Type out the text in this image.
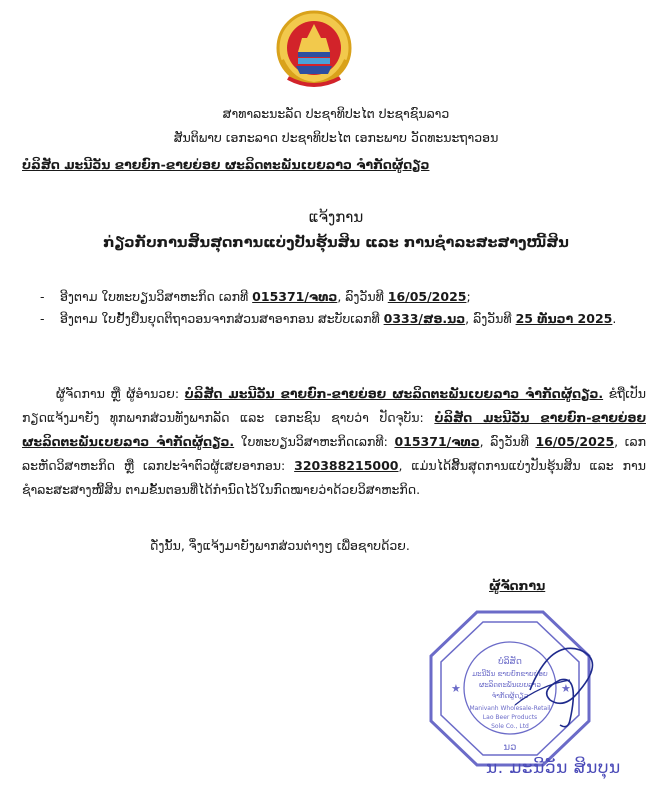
ສາທາລະນະລັດ ປະຊາທິປະໄຕ ປະຊາຊົນລາວ
ສັນຕິພາບ ເອກະລາດ ປະຊາທິປະໄຕ ເອກະພາບ ວັດທະນະຖາວອນ
ບໍລິສັດ ມະນີວັນ ຂາຍຍົກ-ຂາຍຍ່ອຍ ຜະລິດຕະພັນເບຍລາວ ຈຳກັດຜູ້ດຽວ
ແຈ້ງການ
ກ່ຽວກັບການສິ້ນສຸດການແບ່ງປັນຮຸ້ນສິນ ແລະ ການຊຳລະສະສາງໜີ້ສິນ
- ອີງຕາມ ໃບທະບຽນວິສາຫະກິດ ເລກທີ 015371/ຈທວ, ລົງວັນທີ 16/05/2025;
- ອີງຕາມ ໃບຢັ້ງຢືນຍຸດຕິຖາວອນຈາກສ່ວນສາອາກອນ ສະບັບເລກທີ 0333/ສອ.ນວ, ລົງວັນທີ 25 ທັນວາ 2025.
ຜູ້ຈັດການ ຫຼື ຜູ້ອຳນວຍ: ບໍລິສັດ ມະນີວັນ ຂາຍຍົກ-ຂາຍຍ່ອຍ ຜະລິດຕະພັນເບຍລາວ ຈຳກັດຜູ້ດຽວ. ຂໍຖືເປັນກຽດແຈ້ງມາຍັງ ທຸກພາກສ່ວນທັງພາກລັດ ແລະ ເອກະຊົນ ຊາບວ່າ ປັດຈຸບັນ: ບໍລິສັດ ມະນີວັນ ຂາຍຍົກ-ຂາຍຍ່ອຍ ຜະລິດຕະພັນເບຍລາວ ຈຳກັດຜູ້ດຽວ. ໃບທະບຽນວິສາຫະກິດເລກທີ: 015371/ຈທວ, ລົງວັນທີ 16/05/2025, ເລກລະຫັດວິສາຫະກິດ ຫຼື ເລກປະຈຳຕົວຜູ້ເສຍອາກອນ: 320388215000, ແມ່ນໄດ້ສິ້ນສຸດການແບ່ງປັນຮຸ້ນສິນ ແລະ ການຊຳລະສະສາງໜີ້ສິນ ຕາມຂັ້ນຕອນທີ່ໄດ້ກຳນົດໄວ້ໃນກົດໝາຍວ່າດ້ວຍວິສາຫະກິດ.
ດັ່ງນັ້ນ, ຈຶ່ງແຈ້ງມາຍັງພາກສ່ວນຕ່າງໆ ເພື່ອຊາບດ້ວຍ.
ຜູ້ຈັດການ
ບໍລິສັດ
ມະນີວັນ ຂາຍຍົກຂາຍຍ່ອຍ
ຜະລິດຕະພັນເບຍລາວ
ຈຳກັດຜູ້ດຽວ
Manivanh Wholesale-Retail
Lao Beer Products
Sole Co., Ltd
★	★
ນວ
ນ. ມະນີວັນ ສິນບຸນ
